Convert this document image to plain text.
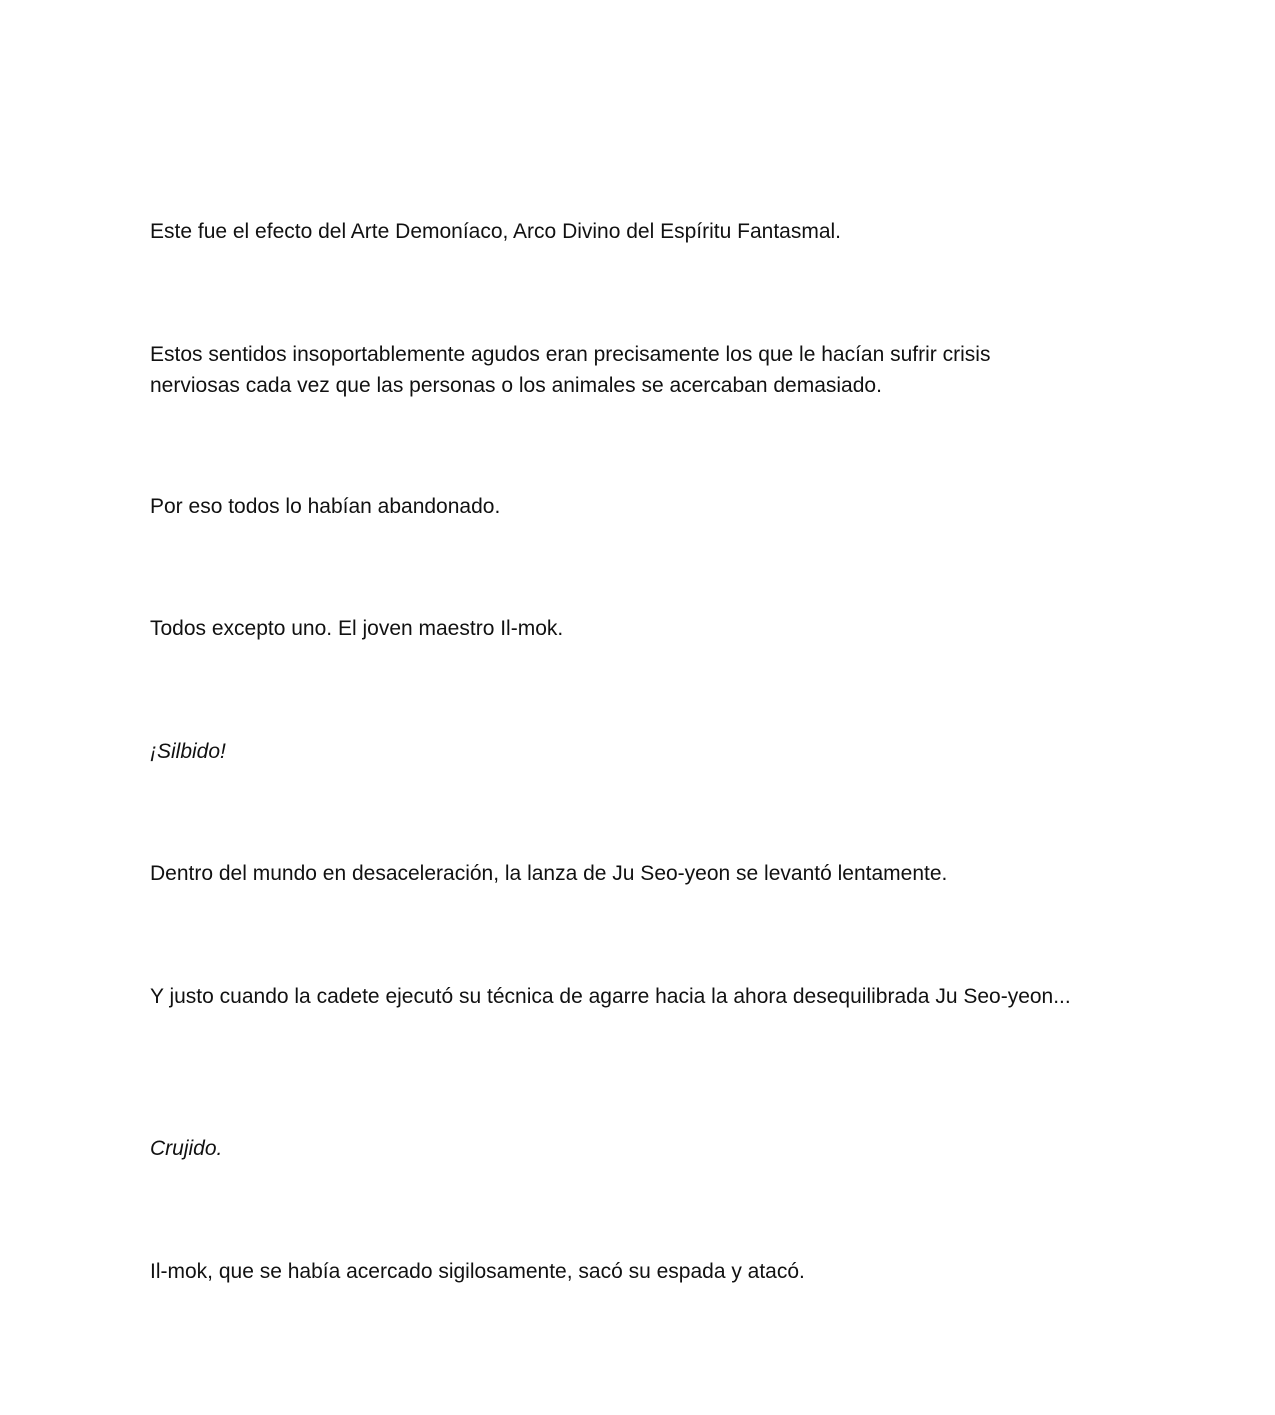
Este fue el efecto del Arte Demoníaco, Arco Divino del Espíritu Fantasmal.

Estos sentidos insoportablemente agudos eran precisamente los que le hacían sufrir crisis nerviosas cada vez que las personas o los animales se acercaban demasiado.

Por eso todos lo habían abandonado.

Todos excepto uno. El joven maestro Il-mok.

¡Silbido!

Dentro del mundo en desaceleración, la lanza de Ju Seo-yeon se levantó lentamente.

Y justo cuando la cadete ejecutó su técnica de agarre hacia la ahora desequilibrada Ju Seo-yeon...

Crujido.

Il-mok, que se había acercado sigilosamente, sacó su espada y atacó.
